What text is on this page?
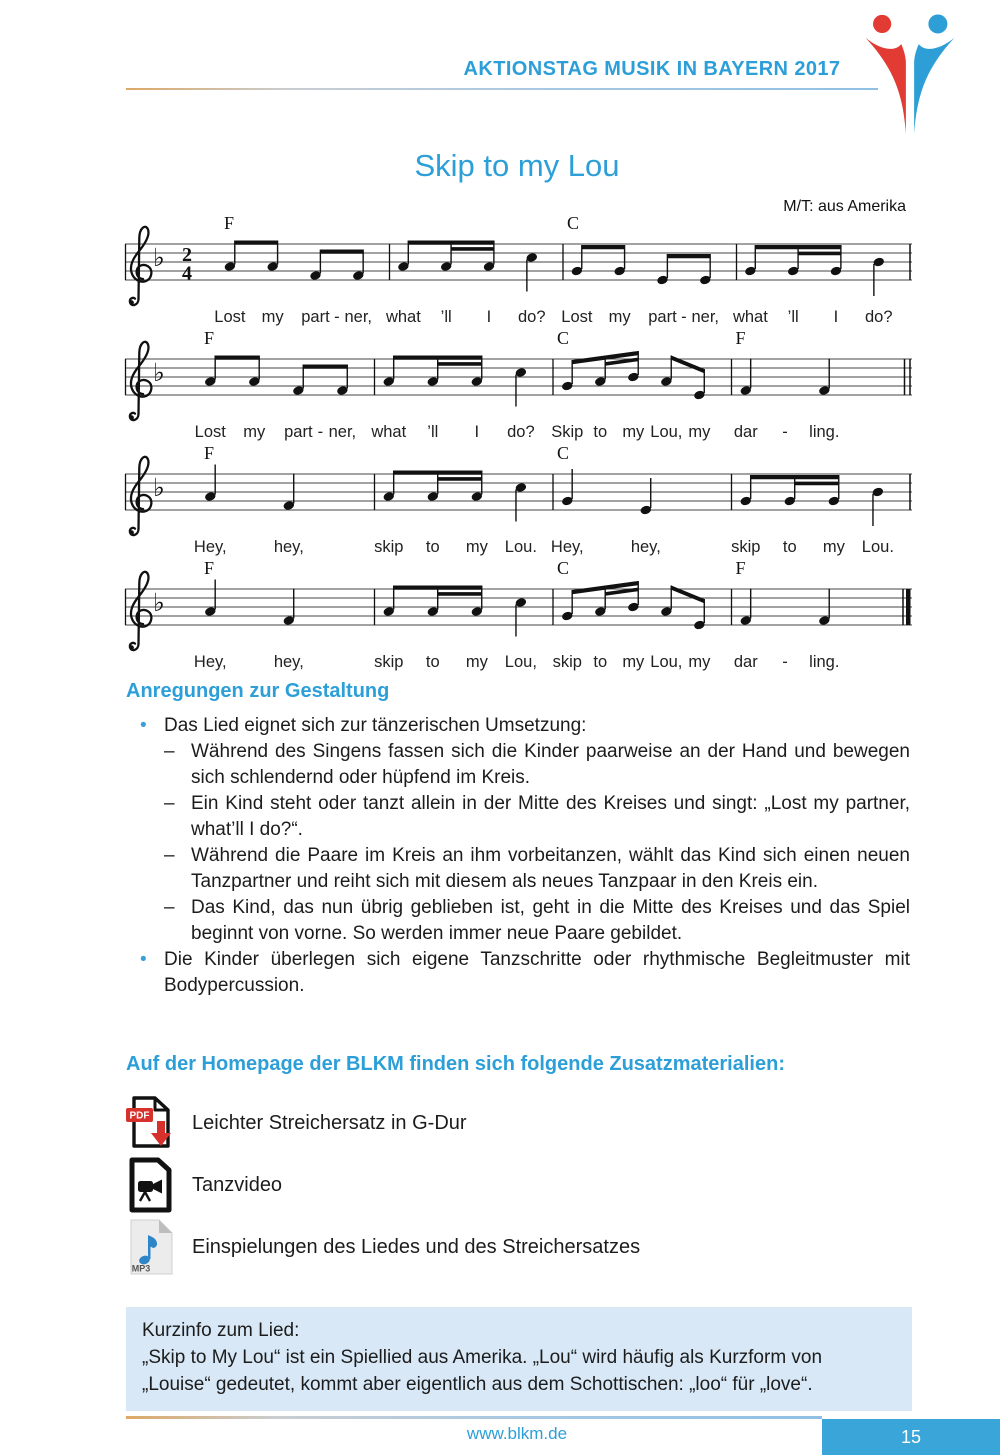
AKTIONSTAG MUSIK IN BAYERN 2017
Skip to my Lou
M/T: aus Amerika
♭ 2
4
F	C
Lost my part - ner, what ’ll I do? Lost my part - ner, what ’ll I do?
♭
F	C	F
Lost my part - ner, what ’ll I do? Skip to my Lou, my dar - ling.
♭
F	C
Hey,	hey,	skip to my Lou. Hey,	hey,	skip to my Lou.
♭
F	C	F
Hey,	hey,	skip to my Lou, skip to my Lou, my dar - ling.
Anregungen zur Gestaltung
• Das Lied eignet sich zur tänzerischen Umsetzung:
– Während des Singens fassen sich die Kinder paarweise an der Hand und bewegen sich schlendernd oder hüpfend im Kreis.
– Ein Kind steht oder tanzt allein in der Mitte des Kreises und singt: „Lost my partner, what’ll I do?“.
– Während die Paare im Kreis an ihm vorbeitanzen, wählt das Kind sich einen neuen Tanzpartner und reiht sich mit diesem als neues Tanzpaar in den Kreis ein.
– Das Kind, das nun übrig geblieben ist, geht in die Mitte des Kreises und das Spiel beginnt von vorne. So werden immer neue Paare gebildet.
• Die Kinder überlegen sich eigene Tanzschritte oder rhythmische Begleitmuster mit Bodypercussion.
Auf der Homepage der BLKM finden sich folgende Zusatzmaterialien:
PDF Leichter Streichersatz in G-Dur
Tanzvideo
MP3
Einspielungen des Liedes und des Streichersatzes
Kurzinfo zum Lied:
„Skip to My Lou“ ist ein Spiellied aus Amerika. „Lou“ wird häufig als Kurzform von „Louise“ gedeutet, kommt aber eigentlich aus dem Schottischen: „loo“ für „love“.
www.blkm.de	15
